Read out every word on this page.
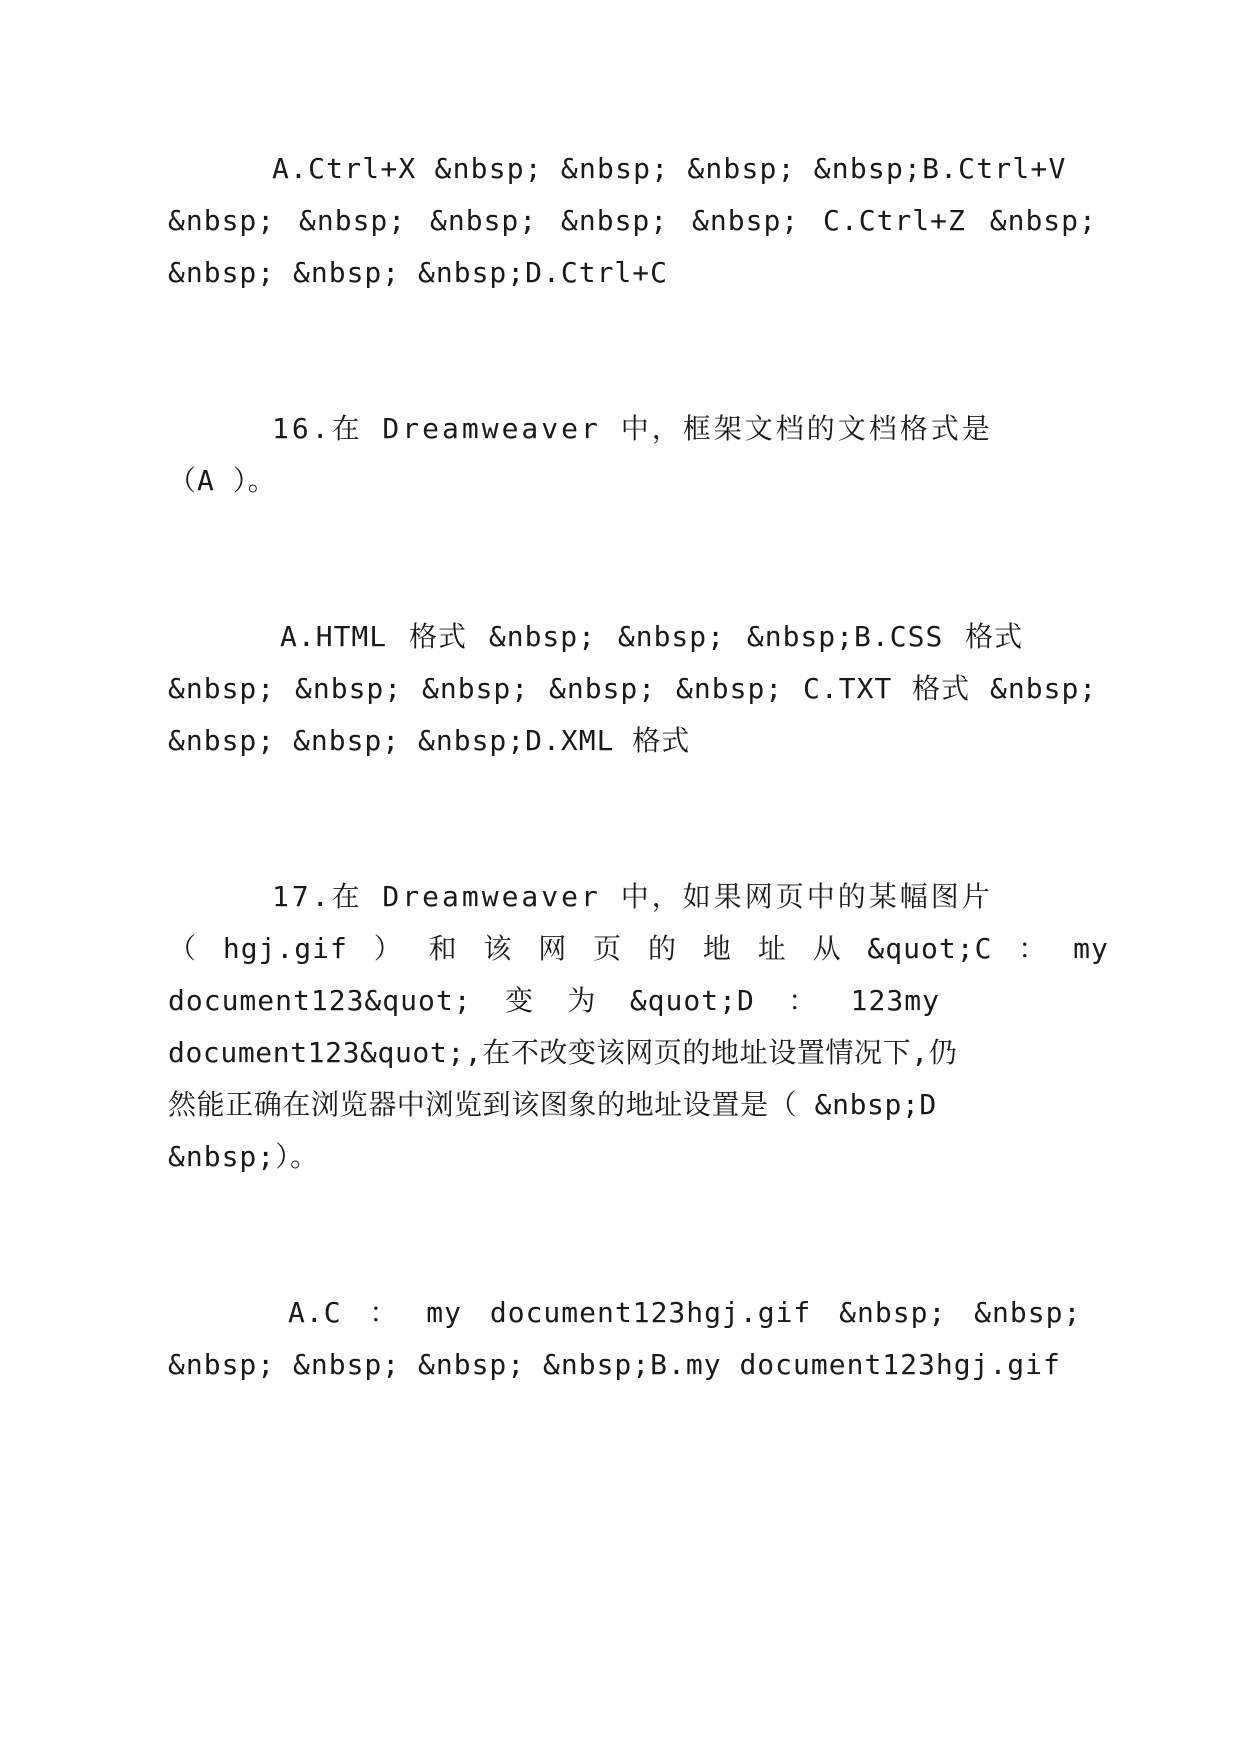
A.Ctrl+X &nbsp; &nbsp; &nbsp; &nbsp;B.Ctrl+V
&nbsp; &nbsp; &nbsp; &nbsp; &nbsp; C.Ctrl+Z &nbsp;
&nbsp; &nbsp; &nbsp;D.Ctrl+C
16.在 Dreamweaver 中，框架文档的文档格式是
（A ）。
A.HTML 格式 &nbsp; &nbsp; &nbsp;B.CSS 格式
&nbsp; &nbsp; &nbsp; &nbsp; &nbsp; C.TXT 格式 &nbsp;
&nbsp; &nbsp; &nbsp;D.XML 格式
17.在 Dreamweaver 中，如果网页中的某幅图片
（ hgj.gif ） 和 该 网 页 的 地 址 从 &quot;C ： my
document123&quot; 变 为 &quot;D ： 123my
document123&quot;,在不改变该网页的地址设置情况下,仍
然能正确在浏览器中浏览到该图象的地址设置是（ &nbsp;D
&nbsp;）。
A.C ： my document123hgj.gif &nbsp; &nbsp;
&nbsp; &nbsp; &nbsp; &nbsp;B.my document123hgj.gif
